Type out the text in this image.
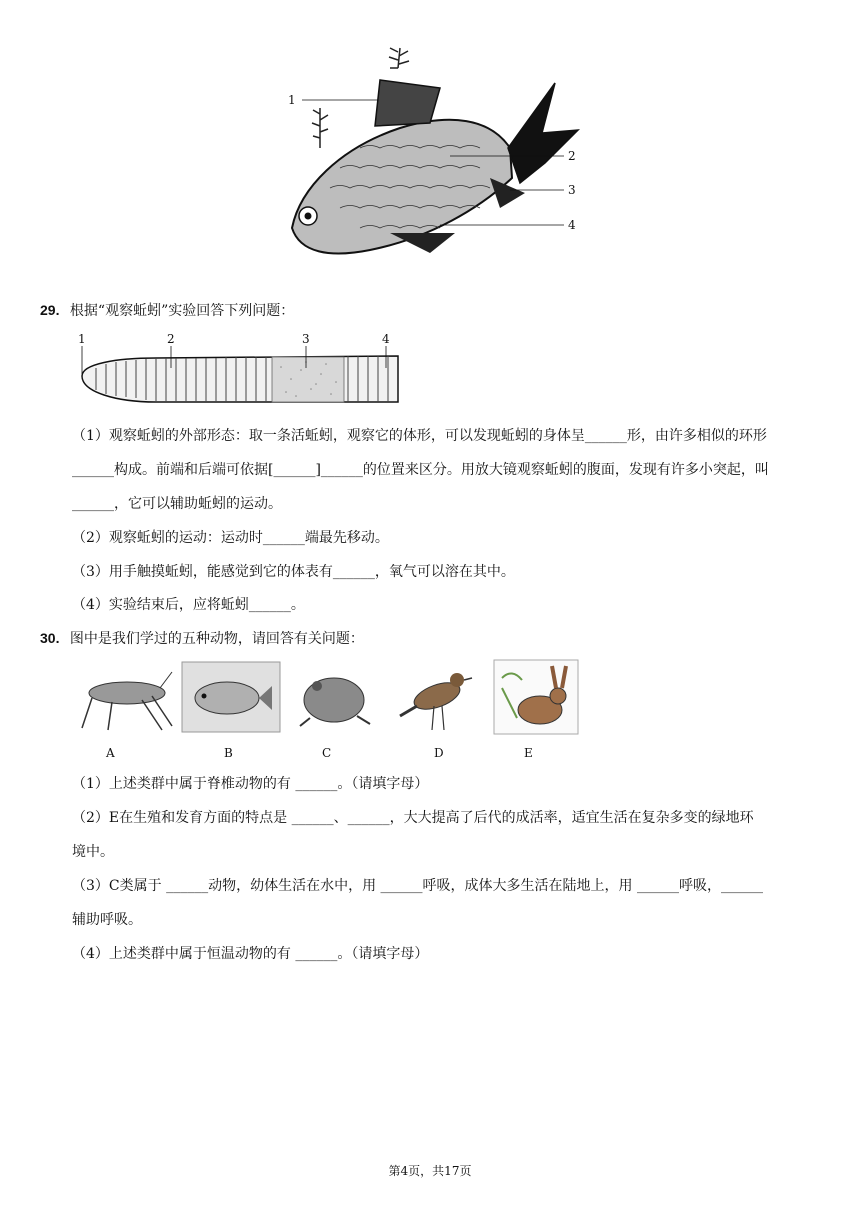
1
2
3
4
29. 根据“观察蚯蚓”实验回答下列问题：
1	2	3	4
（1）观察蚯蚓的外部形态：取一条活蚯蚓，观察它的体形，可以发现蚯蚓的身体呈______形，由许多相似的环形
______构成。前端和后端可依据[______]______的位置来区分。用放大镜观察蚯蚓的腹面，发现有许多小突起，叫
______，它可以辅助蚯蚓的运动。
（2）观察蚯蚓的运动：运动时______端最先移动。
（3）用手触摸蚯蚓，能感觉到它的体表有______，氧气可以溶在其中。
（4）实验结束后，应将蚯蚓______。
30. 图中是我们学过的五种动物，请回答有关问题：
A	B	C	D	E
（1）上述类群中属于脊椎动物的有 ______。（请填字母）
（2）E在生殖和发育方面的特点是 ______、______，大大提高了后代的成活率，适宜生活在复杂多变的绿地环
境中。
（3）C类属于 ______动物，幼体生活在水中，用 ______呼吸，成体大多生活在陆地上，用 ______呼吸，______
辅助呼吸。
（4）上述类群中属于恒温动物的有 ______。（请填字母）
第4页，共17页
